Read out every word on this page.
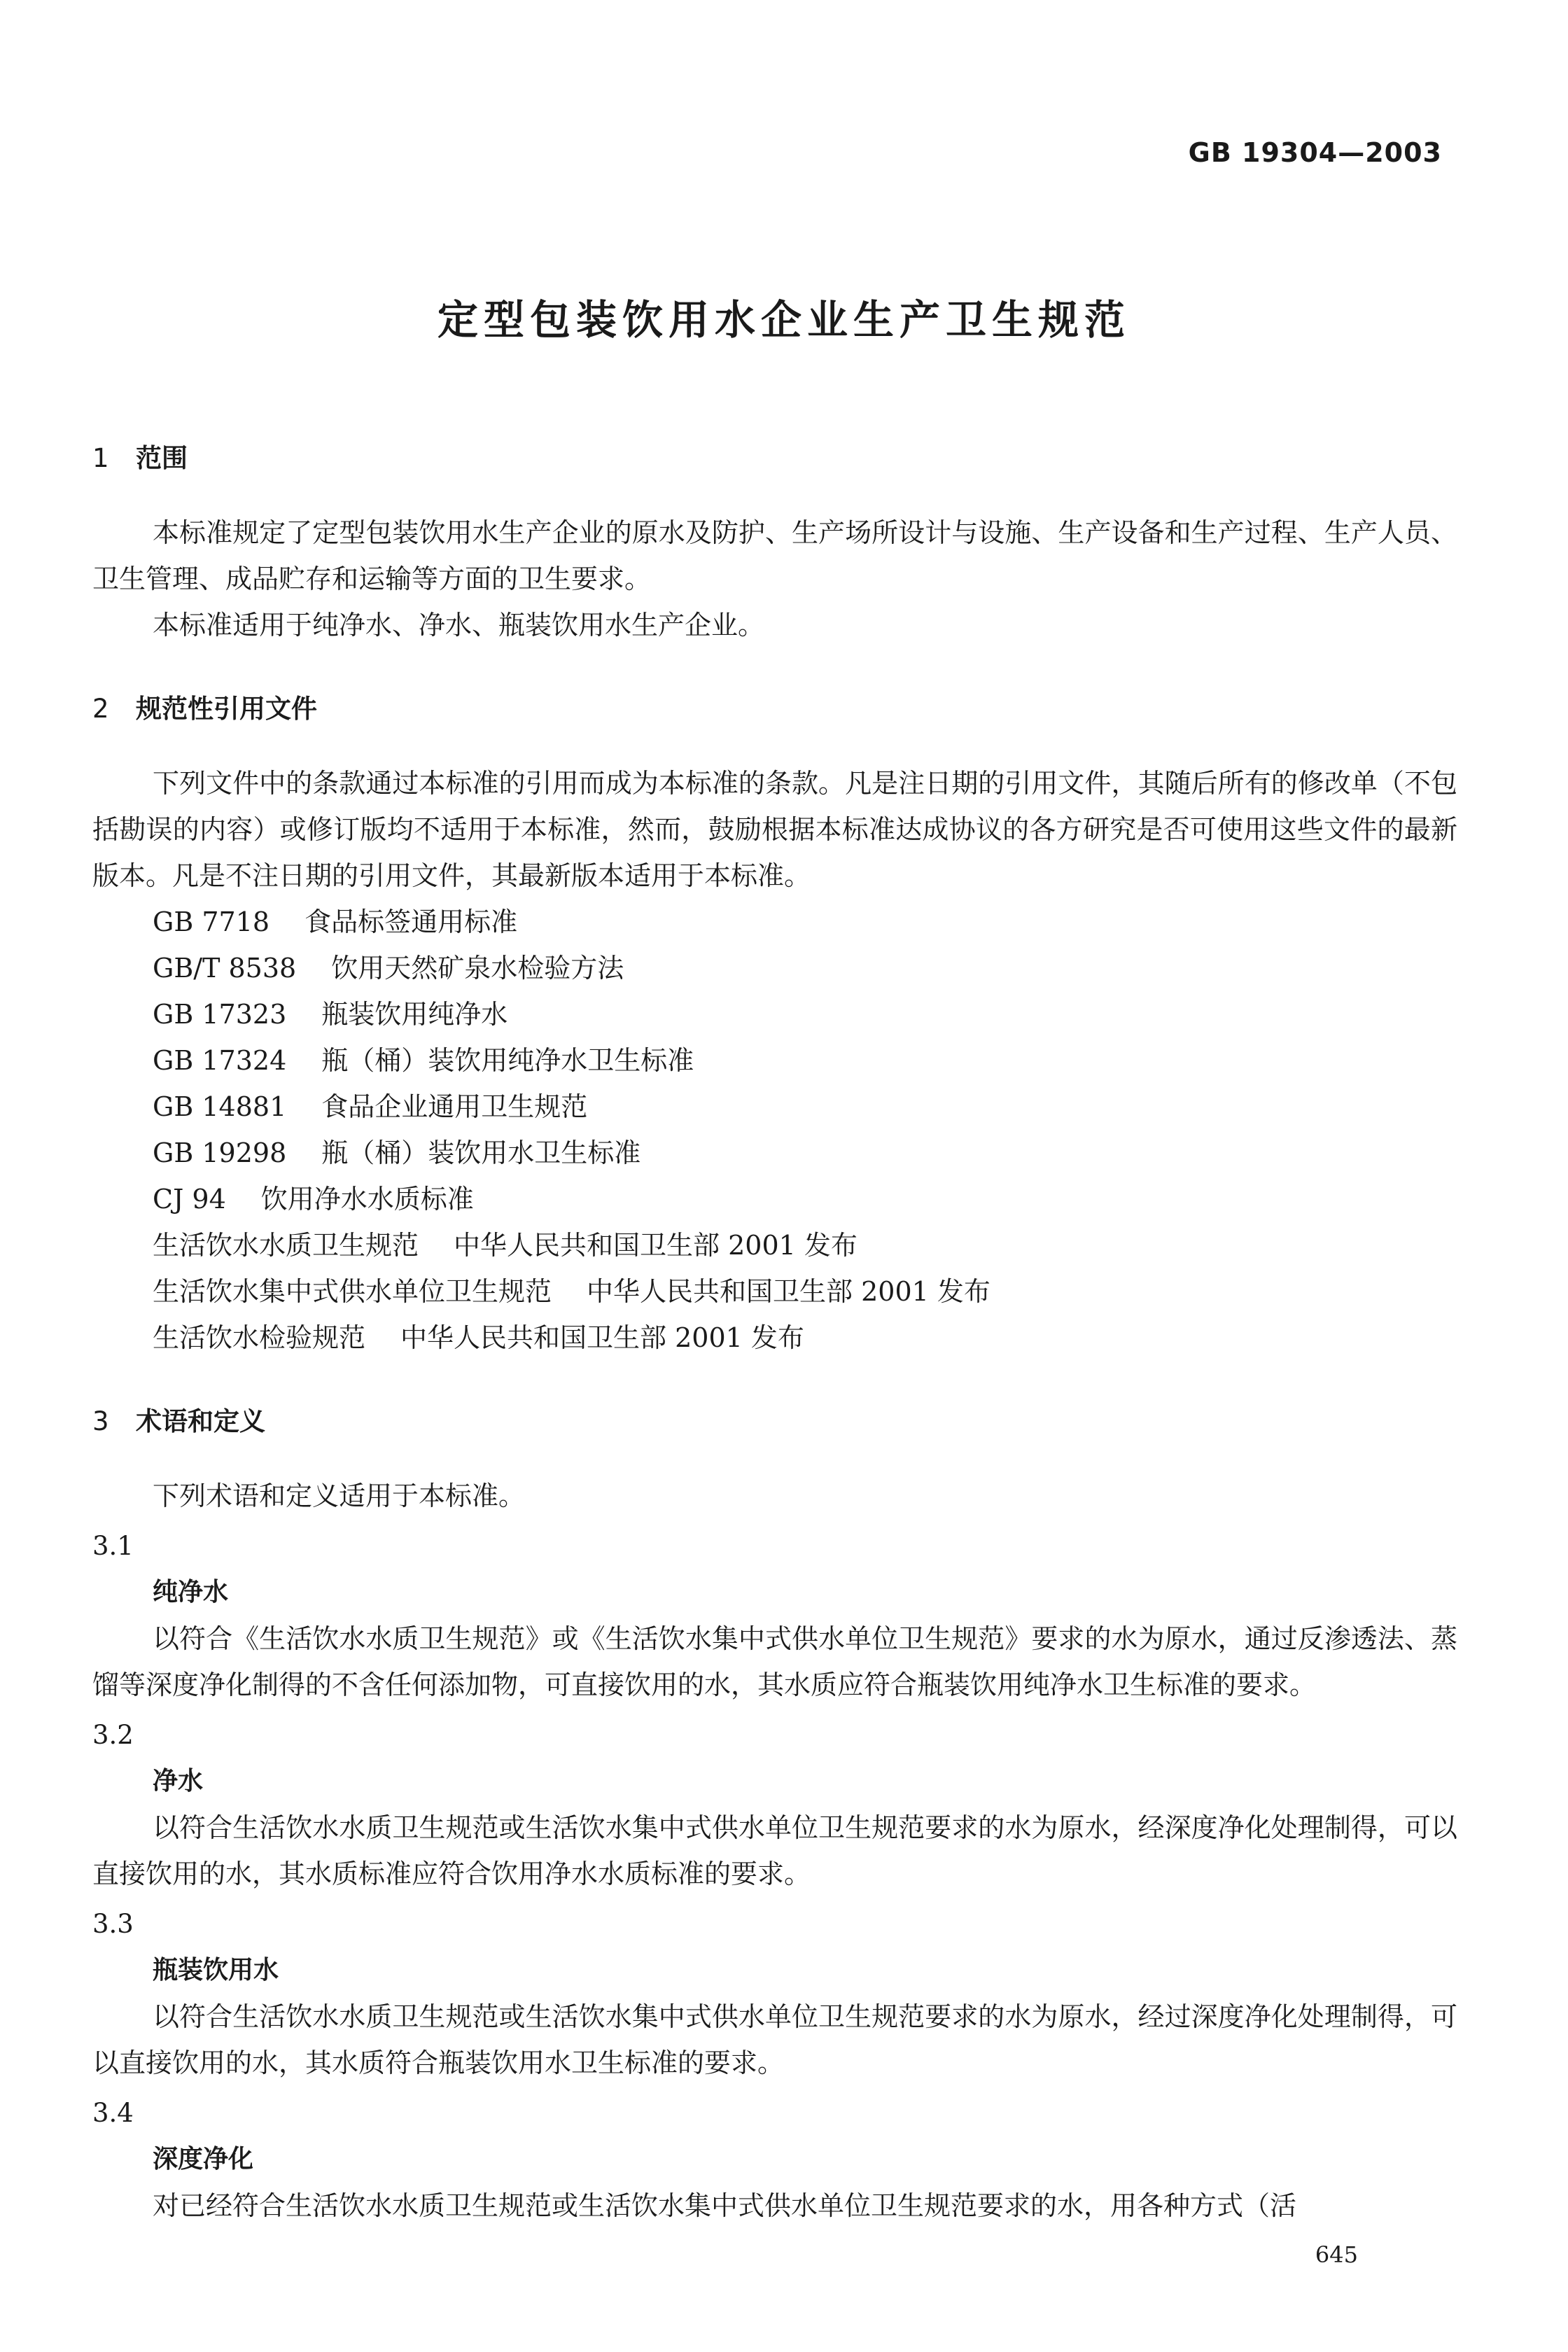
GB 19304—2003
定型包装饮用水企业生产卫生规范
1 范围

本标准规定了定型包装饮用水生产企业的原水及防护、生产场所设计与设施、生产设备和生产过程、生产人员、卫生管理、成品贮存和运输等方面的卫生要求。

本标准适用于纯净水、净水、瓶装饮用水生产企业。

2 规范性引用文件

下列文件中的条款通过本标准的引用而成为本标准的条款。凡是注日期的引用文件，其随后所有的修改单（不包括勘误的内容）或修订版均不适用于本标准，然而，鼓励根据本标准达成协议的各方研究是否可使用这些文件的最新版本。凡是不注日期的引用文件，其最新版本适用于本标准。

GB 7718 食品标签通用标准

GB/T 8538 饮用天然矿泉水检验方法

GB 17323 瓶装饮用纯净水

GB 17324 瓶（桶）装饮用纯净水卫生标准

GB 14881 食品企业通用卫生规范

GB 19298 瓶（桶）装饮用水卫生标准

CJ 94 饮用净水水质标准

生活饮水水质卫生规范 中华人民共和国卫生部 2001 发布

生活饮水集中式供水单位卫生规范 中华人民共和国卫生部 2001 发布

生活饮水检验规范 中华人民共和国卫生部 2001 发布

3 术语和定义

下列术语和定义适用于本标准。

3.1

纯净水

以符合《生活饮水水质卫生规范》或《生活饮水集中式供水单位卫生规范》要求的水为原水，通过反渗透法、蒸馏等深度净化制得的不含任何添加物，可直接饮用的水，其水质应符合瓶装饮用纯净水卫生标准的要求。

3.2

净水

以符合生活饮水水质卫生规范或生活饮水集中式供水单位卫生规范要求的水为原水，经深度净化处理制得，可以直接饮用的水，其水质标准应符合饮用净水水质标准的要求。

3.3

瓶装饮用水

以符合生活饮水水质卫生规范或生活饮水集中式供水单位卫生规范要求的水为原水，经过深度净化处理制得，可以直接饮用的水，其水质符合瓶装饮用水卫生标准的要求。

3.4

深度净化

对已经符合生活饮水水质卫生规范或生活饮水集中式供水单位卫生规范要求的水，用各种方式（活

645
